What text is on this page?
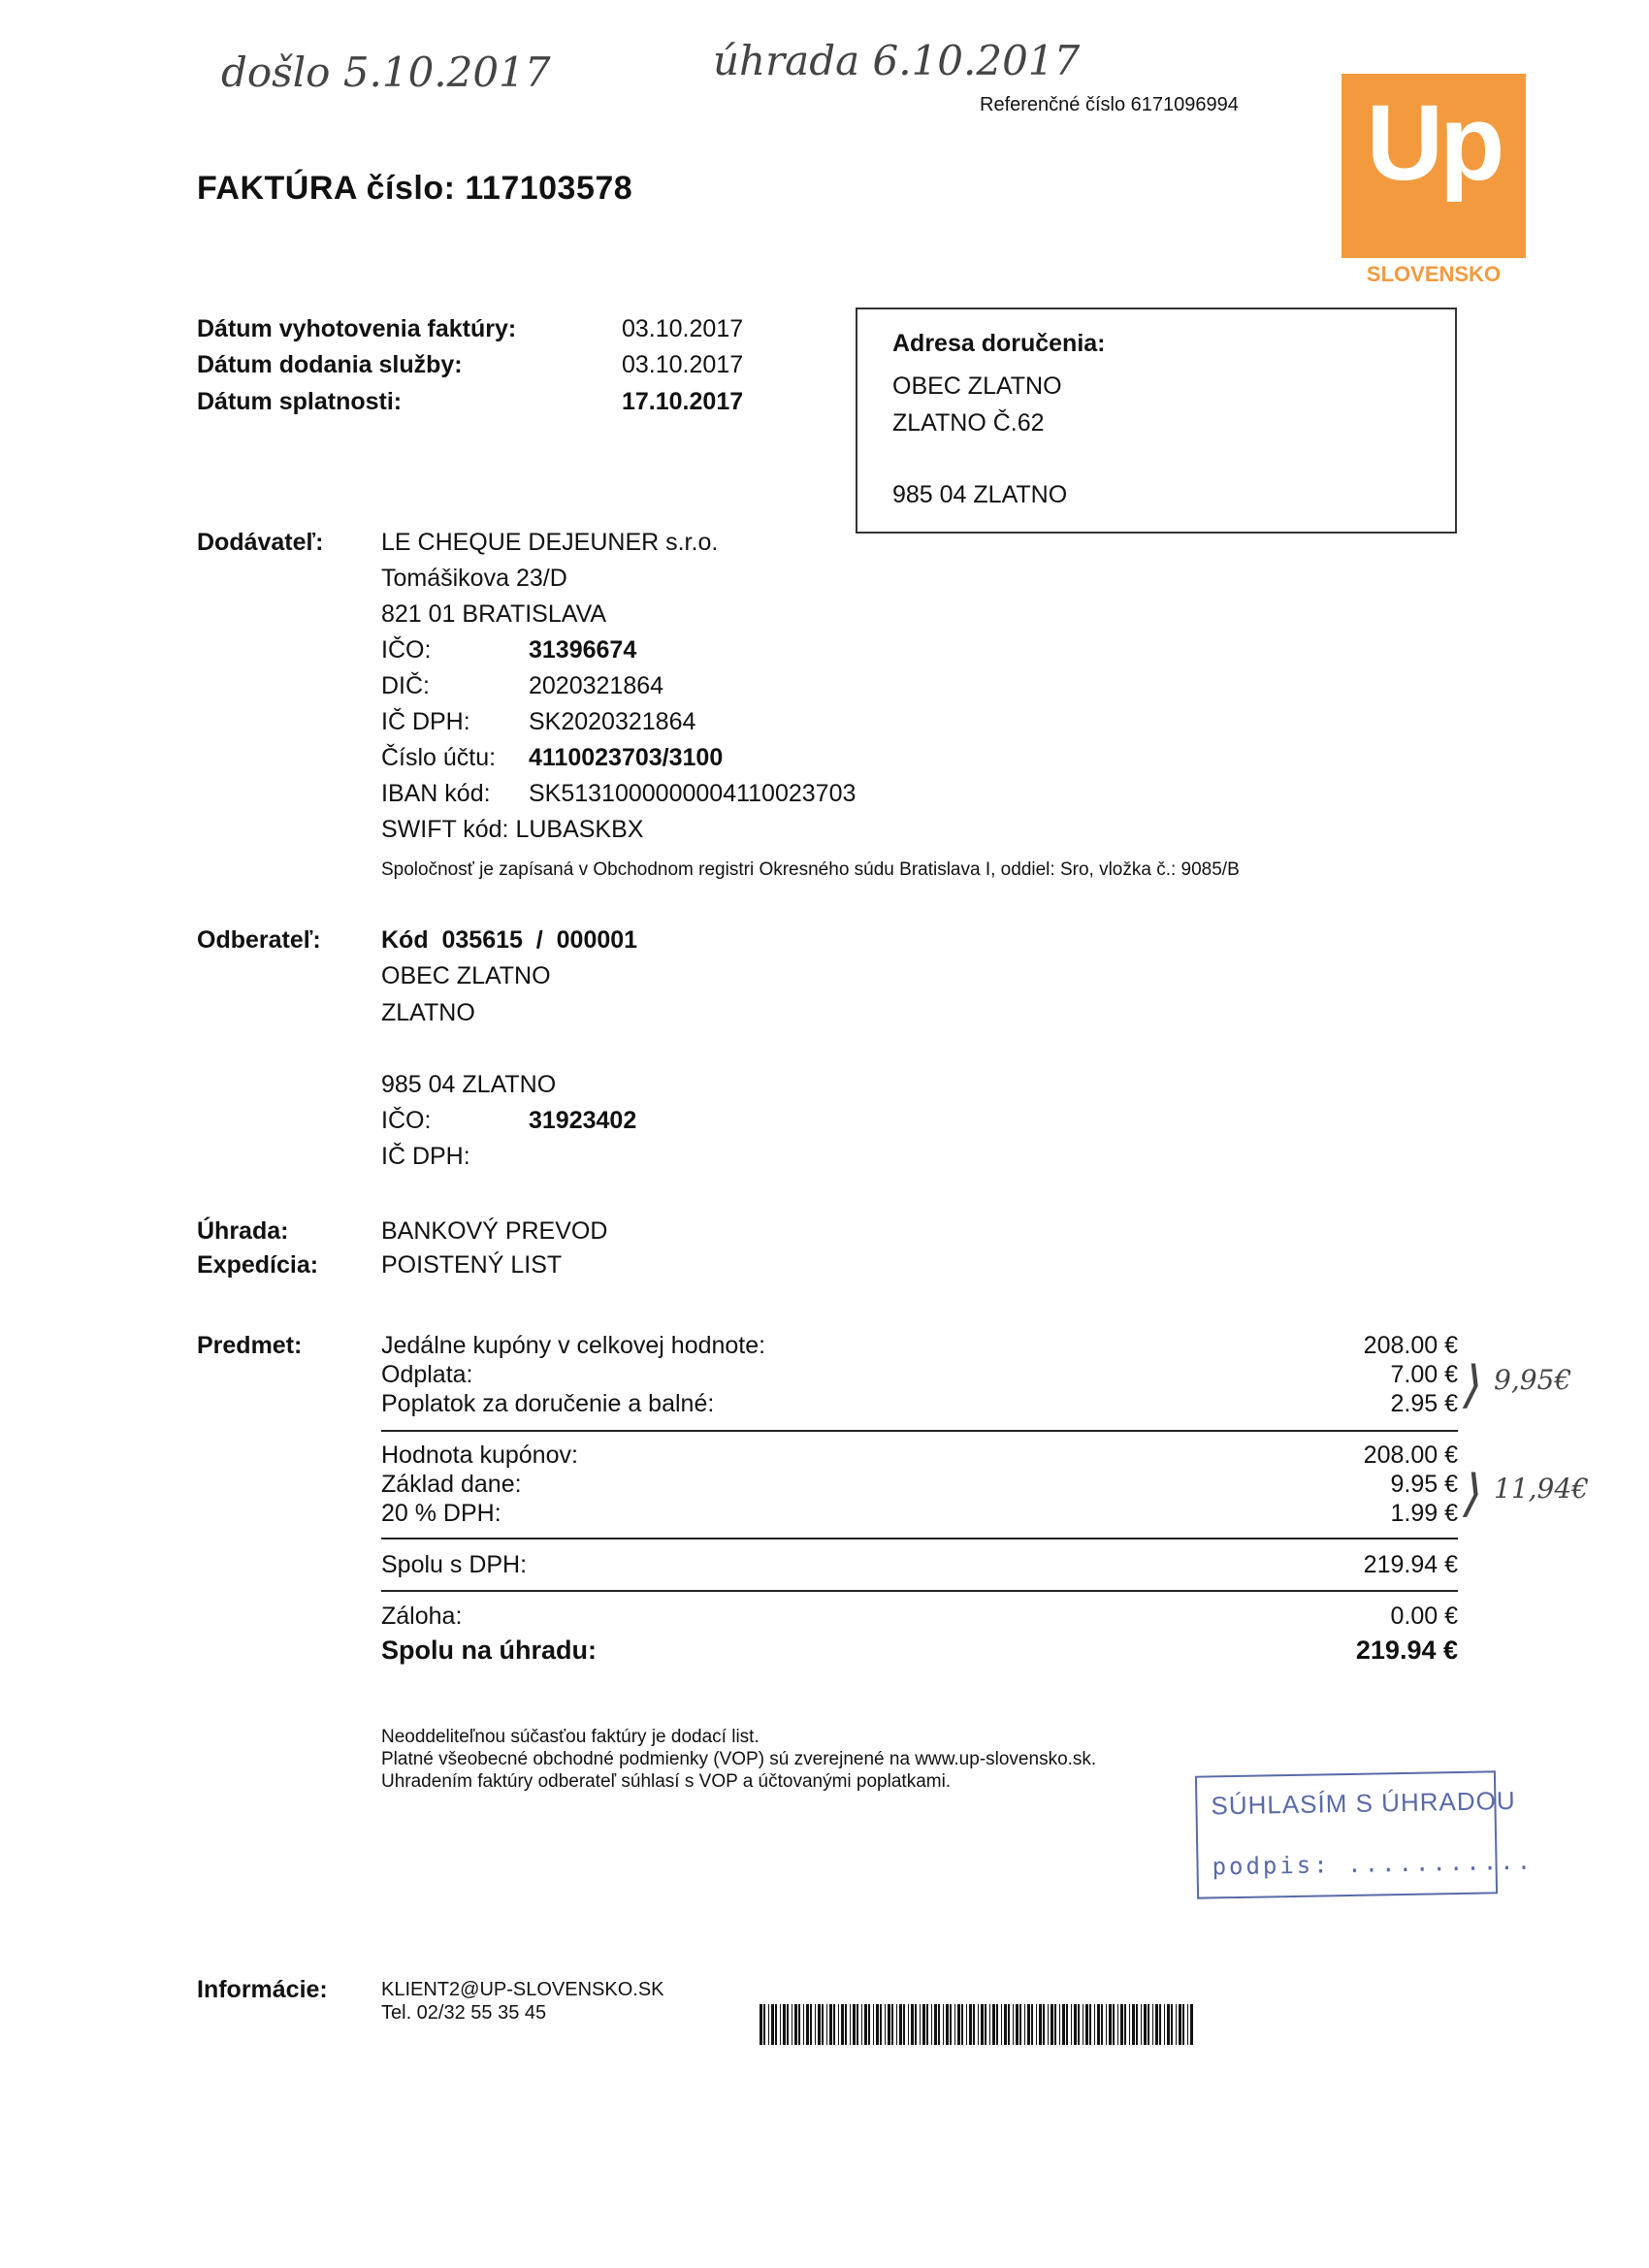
došlo 5.10.2017	úhrada 6.10.2017
Referenčné číslo 6171096994 Up
SLOVENSKO
FAKTÚRA číslo: 117103578
Dátum vyhotovenia faktúry:	03.10.2017
Dátum dodania služby:	03.10.2017
Dátum splatnosti:	17.10.2017
Adresa doručenia:
OBEC ZLATNO
ZLATNO Č.62
985 04 ZLATNO
Dodávateľ: LE CHEQUE DEJEUNER s.r.o.
Tomášikova 23/D
821 01 BRATISLAVA
IČO:	31396674
DIČ:	2020321864
IČ DPH: SK2020321864
Číslo účtu: 4110023703/3100
IBAN kód: SK5131000000004110023703
SWIFT kód: LUBASKBX
Spoločnosť je zapísaná v Obchodnom registri Okresného súdu Bratislava I, oddiel: Sro, vložka č.: 9085/B
Odberateľ: Kód  035615  /  000001
OBEC ZLATNO
ZLATNO
985 04 ZLATNO
IČO:	31923402
IČ DPH:
Úhrada:	BANKOVÝ PREVOD
Expedícia:	POISTENÝ LIST
Predmet:	Jedálne kupóny v celkovej hodnote:	208.00 €
Odplata:	7.00 €
Poplatok za doručenie a balné:	2.95 € ⟩ 9,95€
Hodnota kupónov:	208.00 €
Základ dane:	9.95 €
20 % DPH:	1.99 € ⟩ 11,94€
Spolu s DPH:	219.94 €
Záloha:	0.00 €
Spolu na úhradu:	219.94 €
Neoddeliteľnou súčasťou faktúry je dodací list.
Platné všeobecné obchodné podmienky (VOP) sú zverejnené na www.up-slovensko.sk.
Uhradením faktúry odberateľ súhlasí s VOP a účtovanými poplatkami.
SÚHLASÍM S ÚHRADOU
podpis: ...........
Informácie:	KLIENT2@UP-SLOVENSKO.SK
Tel. 02/32 55 35 45
